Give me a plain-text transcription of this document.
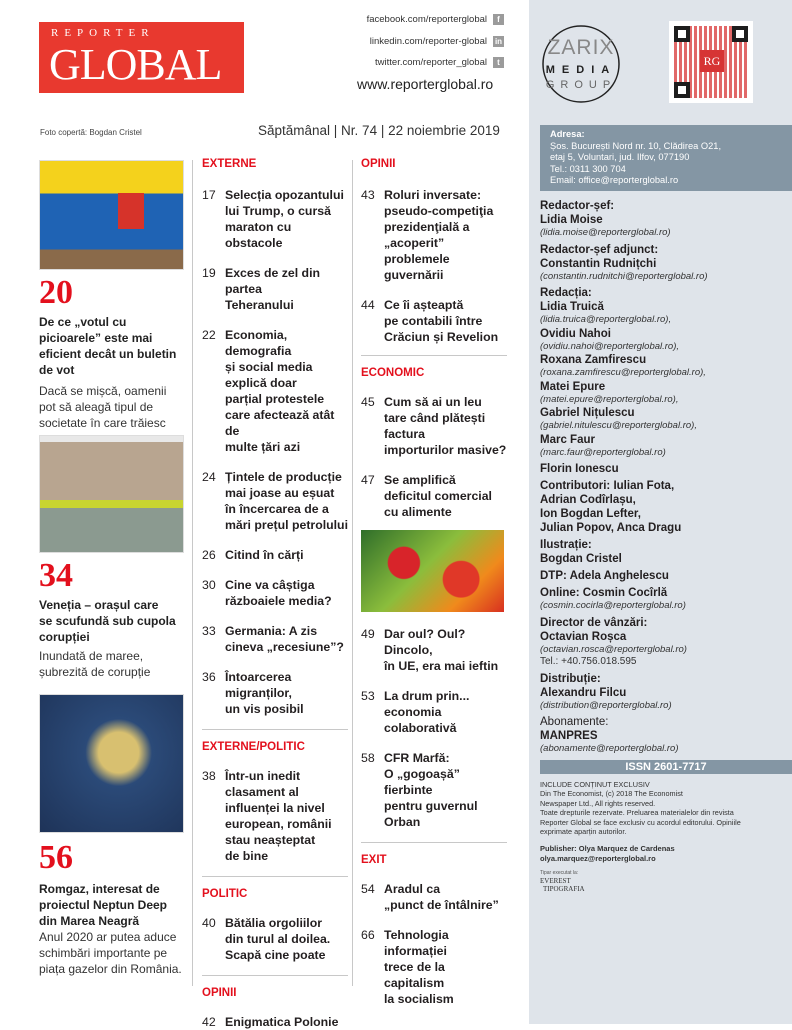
REPORTER
GLOBAL
facebook.com/reporterglobal f
linkedin.com/reporter-global in
twitter.com/reporter_global t
www.reporterglobal.ro
Foto copertă: Bogdan Cristel	Săptămânal | Nr. 74 | 22 noiembrie 2019
20
De ce „votul cu
picioarele” este mai
eficient decât un buletin
de vot
Dacă se mișcă, oamenii
pot să aleagă tipul de
societate în care trăiesc
34
Veneția – orașul care
se scufundă sub cupola
corupției
Inundată de maree,
șubrezită de corupție
56
Romgaz, interesat de
proiectul Neptun Deep
din Marea Neagră
Anul 2020 ar putea aduce
schimbări importante pe
piața gazelor din România.
EXTERNE
17 Selecția opozantului
lui Trump, o cursă
maraton cu obstacole
19 Exces de zel din partea
Teheranului
22 Economia, demografia
și social media
explică doar
parțial protestele
care afectează atât de
multe țări azi
24 Țintele de producție
mai joase au eșuat
în încercarea de a
mări prețul petrolului
26 Citind în cărți
30 Cine va câștiga
războaiele media?
33 Germania: A zis
cineva „recesiune”?
36 Întoarcerea
migranților,
un vis posibil
EXTERNE/POLITIC
38 Într-un inedit
clasament al
influenței la nivel
european, românii
stau neașteptat
de bine
POLITIC
40 Bătălia orgoliilor
din turul al doilea.
Scapă cine poate
OPINII
42 Enigmatica Polonie
OPINII
43 Roluri inversate:
pseudo-competiţia
prezidenţială a
„acoperit”
problemele
guvernării
44 Ce îi așteaptă
pe contabili între
Crăciun și Revelion
ECONOMIC
45 Cum să ai un leu
tare când plătești
factura
importurilor masive?
47 Se amplifică
deficitul comercial
cu alimente
49 Dar oul? Oul? Dincolo,
în UE, era mai ieftin
53 La drum prin...
economia
colaborativă
58 CFR Marfă:
O „gogoașă” fierbinte
pentru guvernul
Orban
EXIT
54 Aradul ca
„punct de întâlnire”
66 Tehnologia
informației
trece de la capitalism
la socialism
ZARIX
MEDIA
GROUP
RG
Adresa:
Șos. București Nord nr. 10, Clădirea O21,
etaj 5, Voluntari, jud. Ilfov, 077190
Tel.: 0311 300 704
Email: office@reporterglobal.ro
Redactor-șef:
Lidia Moise
(lidia.moise@reporterglobal.ro)
Redactor-șef adjunct:
Constantin Rudnițchi
(constantin.rudnitchi@reporterglobal.ro)
Redacția:
Lidia Truică
(lidia.truica@reporterglobal.ro),
Ovidiu Nahoi
(ovidiu.nahoi@reporterglobal.ro),
Roxana Zamfirescu
(roxana.zamfirescu@reporterglobal.ro),
Matei Epure
(matei.epure@reporterglobal.ro),
Gabriel Nițulescu
(gabriel.nitulescu@reporterglobal.ro),
Marc Faur
(marc.faur@reporterglobal.ro)
Florin Ionescu
Contributori: Iulian Fota,
Adrian Codîrlașu,
Ion Bogdan Lefter,
Julian Popov, Anca Dragu
Ilustrație:
Bogdan Cristel
DTP: Adela Anghelescu
Online: Cosmin Cocîrlă
(cosmin.cocirla@reporterglobal.ro)
Director de vânzări:
Octavian Roșca
(octavian.rosca@reporterglobal.ro)
Tel.: +40.756.018.595
Distribuție:
Alexandru Filcu
(distribution@reporterglobal.ro)
Abonamente:
MANPRES
(abonamente@reporterglobal.ro)
ISSN 2601-7717
INCLUDE CONȚINUT EXCLUSIV
Din The Economist, (c) 2018 The Economist
Newspaper Ltd., All rights reserved.
Toate drepturile rezervate. Preluarea materialelor din revista
Reporter Global se face exclusiv cu acordul editorului. Opiniile
exprimate aparțin autorilor.
Publisher: Olya Marquez de Cardenas
olya.marquez@reporterglobal.ro
Tipar executat la:
EVEREST
TIPOGRAFIA
